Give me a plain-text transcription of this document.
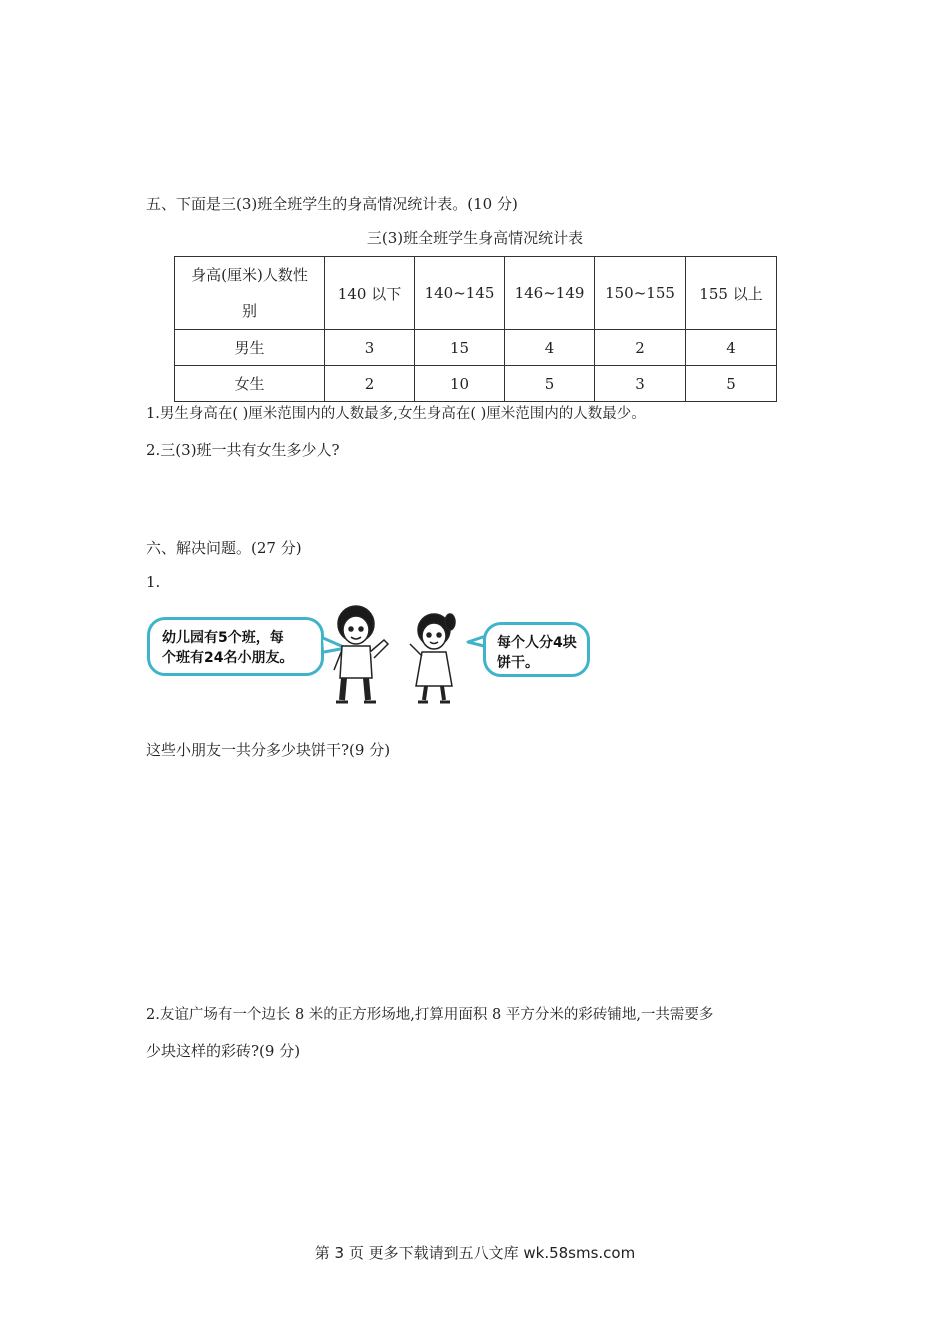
五、下面是三(3)班全班学生的身高情况统计表。(10 分)
三(3)班全班学生身高情况统计表
身高(厘米)人数性
别	140 以下	140~145	146~149	150~155	155 以上
男生	3	15	4	2	4
女生	2	10	5	3	5
1.男生身高在( )厘米范围内的人数最多,女生身高在( )厘米范围内的人数最少。
2.三(3)班一共有女生多少人?
六、解决问题。(27 分)
1.
幼儿园有5个班，每
个班有24名小朋友。
每个人分4块
饼干。
这些小朋友一共分多少块饼干?(9 分)
2.友谊广场有一个边长 8 米的正方形场地,打算用面积 8 平方分米的彩砖铺地,一共需要多
少块这样的彩砖?(9 分)
第 3 页 更多下载请到五八文库 wk.58sms.com
